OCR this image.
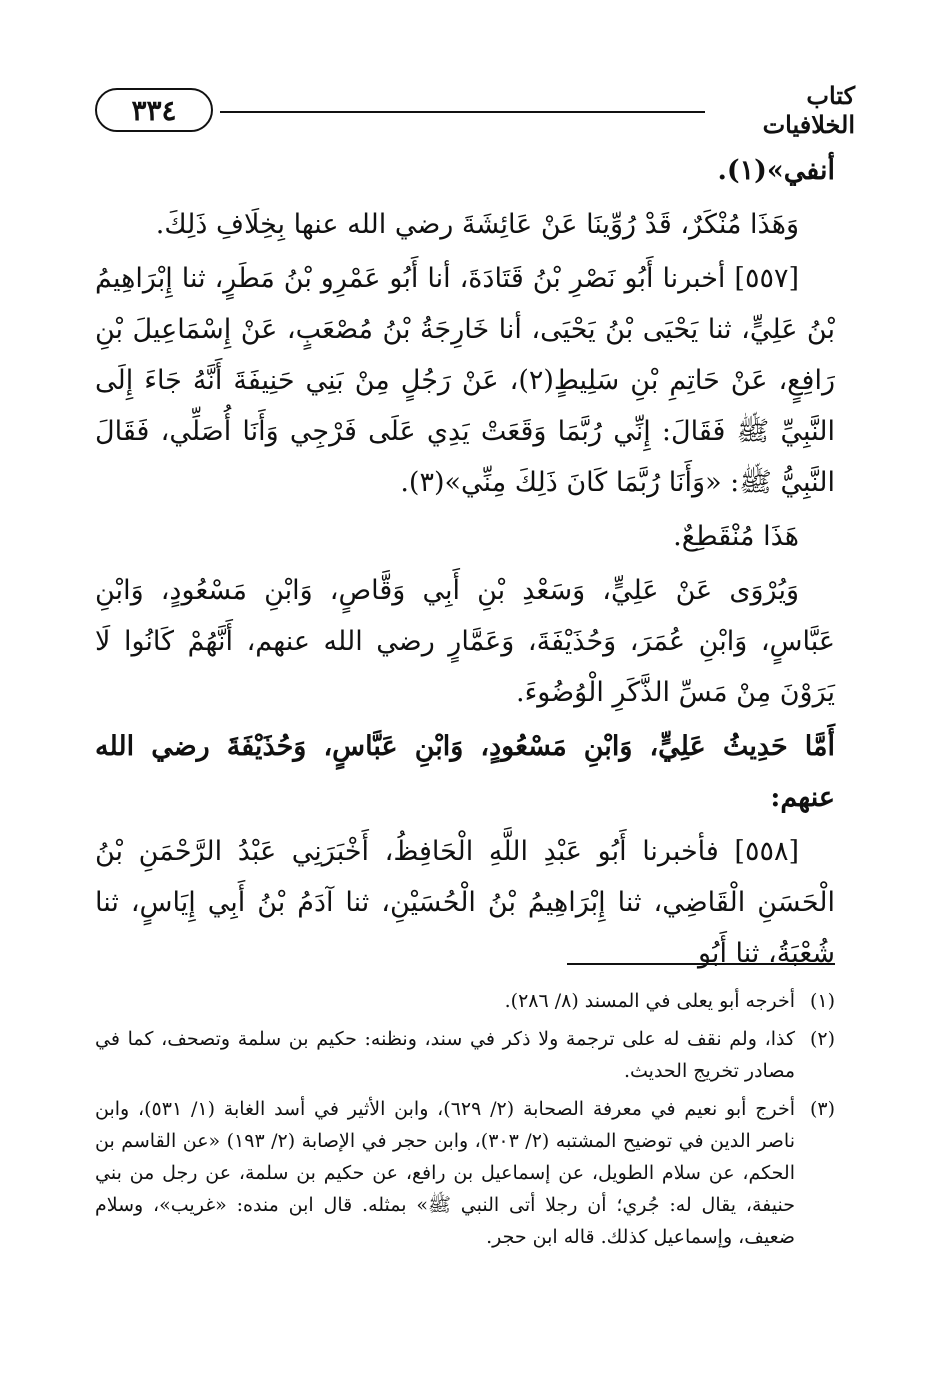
٣٣٤	كتاب الخلافيات

أنفي»(١).

وَهَذَا مُنْكَرٌ، قَدْ رُوِّينَا عَنْ عَائِشَةَ رضي الله عنها بِخِلَافِ ذَلِكَ.

[٥٥٧] أخبرنا أَبُو نَصْرِ بْنُ قَتَادَةَ، أنا أَبُو عَمْرِو بْنُ مَطَرٍ، ثنا إِبْرَاهِيمُ بْنُ عَلِيٍّ، ثنا يَحْيَى بْنُ يَحْيَى، أنا خَارِجَةُ بْنُ مُصْعَبٍ، عَنْ إِسْمَاعِيلَ بْنِ رَافِعٍ، عَنْ حَاتِمِ بْنِ سَلِيطٍ(٢)، عَنْ رَجُلٍ مِنْ بَنِي حَنِيفَةَ أَنَّهُ جَاءَ إِلَى النَّبِيِّ ﷺ فَقَالَ: إِنِّي رُبَّمَا وَقَعَتْ يَدِي عَلَى فَرْجِي وَأَنَا أُصَلِّي، فَقَالَ النَّبِيُّ ﷺ: «وَأَنَا رُبَّمَا كَانَ ذَلِكَ مِنِّي»(٣).

هَذَا مُنْقَطِعٌ.

وَيُرْوَى عَنْ عَلِيٍّ، وَسَعْدِ بْنِ أَبِي وَقَّاصٍ، وَابْنِ مَسْعُودٍ، وَابْنِ عَبَّاسٍ، وَابْنِ عُمَرَ، وَحُذَيْفَةَ، وَعَمَّارٍ رضي الله عنهم، أَنَّهُمْ كَانُوا لَا يَرَوْنَ مِنْ مَسِّ الذَّكَرِ الْوُضُوءَ.

أَمَّا حَدِيثُ عَلِيٍّ، وَابْنِ مَسْعُودٍ، وَابْنِ عَبَّاسٍ، وَحُذَيْفَةَ رضي الله عنهم:

[٥٥٨] فأخبرنا أَبُو عَبْدِ اللَّهِ الْحَافِظُ، أَخْبَرَنِي عَبْدُ الرَّحْمَنِ بْنُ الْحَسَنِ الْقَاضِي، ثنا إِبْرَاهِيمُ بْنُ الْحُسَيْنِ، ثنا آدَمُ بْنُ أَبِي إِيَاسٍ، ثنا شُعْبَةُ، ثنا أَبُو

(١)
أخرجه أبو يعلى في المسند (٨/ ٢٨٦).
(٢)
كذا، ولم نقف له على ترجمة ولا ذكر في سند، ونظنه: حكيم بن سلمة وتصحف، كما في مصادر تخريج الحديث.
(٣)
أخرج أبو نعيم في معرفة الصحابة (٢/ ٦٢٩)، وابن الأثير في أسد الغابة (١/ ٥٣١)، وابن ناصر الدين في توضيح المشتبه (٢/ ٣٠٣)، وابن حجر في الإصابة (٢/ ١٩٣) «عن القاسم بن الحكم، عن سلام الطويل، عن إسماعيل بن رافع، عن حكيم بن سلمة، عن رجل من بني حنيفة، يقال له: جُري؛ أن رجلا أتى النبي ﷺ» بمثله. قال ابن منده: «غريب»، وسلام ضعيف، وإسماعيل كذلك. قاله ابن حجر.
